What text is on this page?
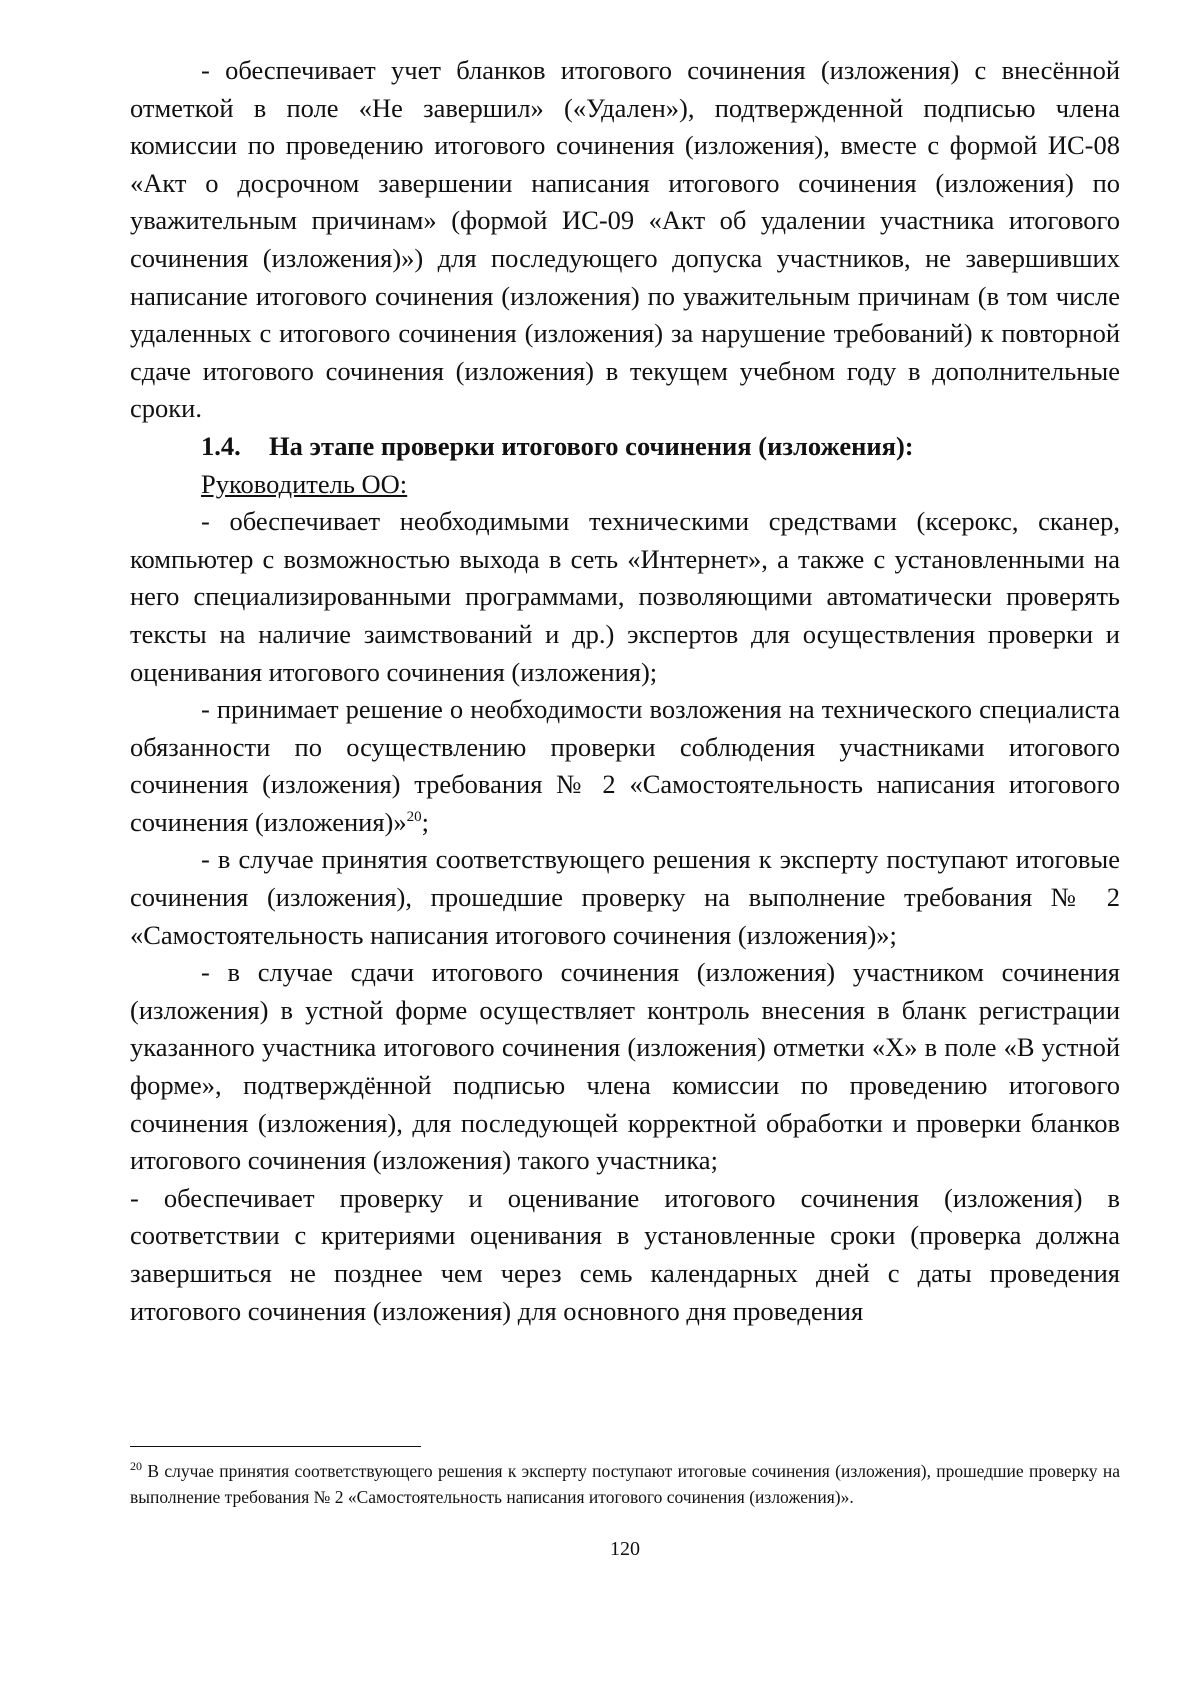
- обеспечивает учет бланков итогового сочинения (изложения) с внесённой отметкой в поле «Не завершил» («Удален»), подтвержденной подписью члена комиссии по проведению итогового сочинения (изложения), вместе с формой ИС-08 «Акт о досрочном завершении написания итогового сочинения (изложения) по уважительным причинам» (формой ИС-09 «Акт об удалении участника итогового сочинения (изложения)») для последующего допуска участников, не завершивших написание итогового сочинения (изложения) по уважительным причинам (в том числе удаленных с итогового сочинения (изложения) за нарушение требований) к повторной сдаче итогового сочинения (изложения) в текущем учебном году в дополнительные сроки.

1.4. На этапе проверки итогового сочинения (изложения):

Руководитель ОО:

- обеспечивает необходимыми техническими средствами (ксерокс, сканер, компьютер с возможностью выхода в сеть «Интернет», а также с установленными на него специализированными программами, позволяющими автоматически проверять тексты на наличие заимствований и др.) экспертов для осуществления проверки и оценивания итогового сочинения (изложения);

- принимает решение о необходимости возложения на технического специалиста обязанности по осуществлению проверки соблюдения участниками итогового сочинения (изложения) требования № 2 «Самостоятельность написания итогового сочинения (изложения)»$^{20}$;

- в случае принятия соответствующего решения к эксперту поступают итоговые сочинения (изложения), прошедшие проверку на выполнение требования № 2 «Самостоятельность написания итогового сочинения (изложения)»;

- в случае сдачи итогового сочинения (изложения) участником сочинения (изложения) в устной форме осуществляет контроль внесения в бланк регистрации указанного участника итогового сочинения (изложения) отметки «Х» в поле «В устной форме», подтверждённой подписью члена комиссии по проведению итогового сочинения (изложения), для последующей корректной обработки и проверки бланков итогового сочинения (изложения) такого участника;

- обеспечивает проверку и оценивание итогового сочинения (изложения) в соответствии с критериями оценивания в установленные сроки (проверка должна завершиться не позднее чем через семь календарных дней с даты проведения итогового сочинения (изложения) для основного дня проведения

$^{20}$ В случае принятия соответствующего решения к эксперту поступают итоговые сочинения (изложения), прошедшие проверку на выполнение требования № 2 «Самостоятельность написания итогового сочинения (изложения)».

120
